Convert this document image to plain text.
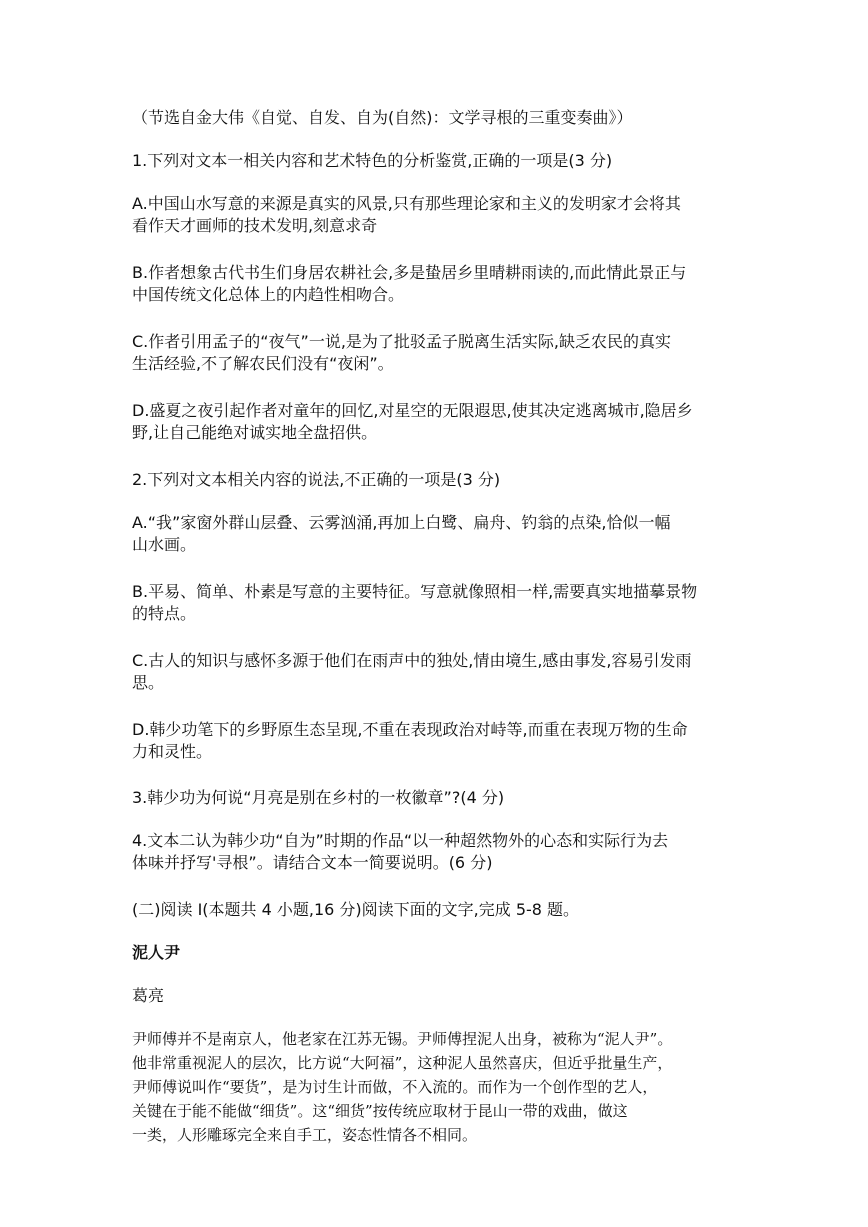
（节选自金大伟《自觉、自发、自为(自然)：文学寻根的三重变奏曲》）
1.下列对文本一相关内容和艺术特色的分析鉴赏,正确的一项是(3 分)
A.中国山水写意的来源是真实的风景,只有那些理论家和主义的发明家才会将其
看作天才画师的技术发明,刻意求奇
B.作者想象古代书生们身居农耕社会,多是蛰居乡里晴耕雨读的,而此情此景正与
中国传统文化总体上的内趋性相吻合。
C.作者引用孟子的“夜气”一说,是为了批驳孟子脱离生活实际,缺乏农民的真实
生活经验,不了解农民们没有“夜闲”。
D.盛夏之夜引起作者对童年的回忆,对星空的无限遐思,使其决定逃离城市,隐居乡
野,让自己能绝对诚实地全盘招供。
2.下列对文本相关内容的说法,不正确的一项是(3 分)
A.“我”家窗外群山层叠、云雾汹涌,再加上白鹭、扁舟、钓翁的点染,恰似一幅
山水画。
B.平易、简单、朴素是写意的主要特征。写意就像照相一样,需要真实地描摹景物
的特点。
C.古人的知识与感怀多源于他们在雨声中的独处,情由境生,感由事发,容易引发雨
思。
D.韩少功笔下的乡野原生态呈现,不重在表现政治对峙等,而重在表现万物的生命
力和灵性。
3.韩少功为何说“月亮是别在乡村的一枚徽章”?(4 分)
4.文本二认为韩少功“自为”时期的作品“以一种超然物外的心态和实际行为去
体味并抒写'寻根”。请结合文本一简要说明。(6 分)
(二)阅读 I(本题共 4 小题,16 分)阅读下面的文字,完成 5-8 题。
泥人尹
葛亮
尹师傅并不是南京人，他老家在江苏无锡。尹师傅捏泥人出身，被称为“泥人尹”。
他非常重视泥人的层次，比方说“大阿福”，这种泥人虽然喜庆，但近乎批量生产，
尹师傅说叫作“要货”，是为讨生计而做，不入流的。而作为一个创作型的艺人，
关键在于能不能做“细货”。这“细货”按传统应取材于昆山一带的戏曲，做这
一类，人形雕琢完全来自手工，姿态性情各不相同。
